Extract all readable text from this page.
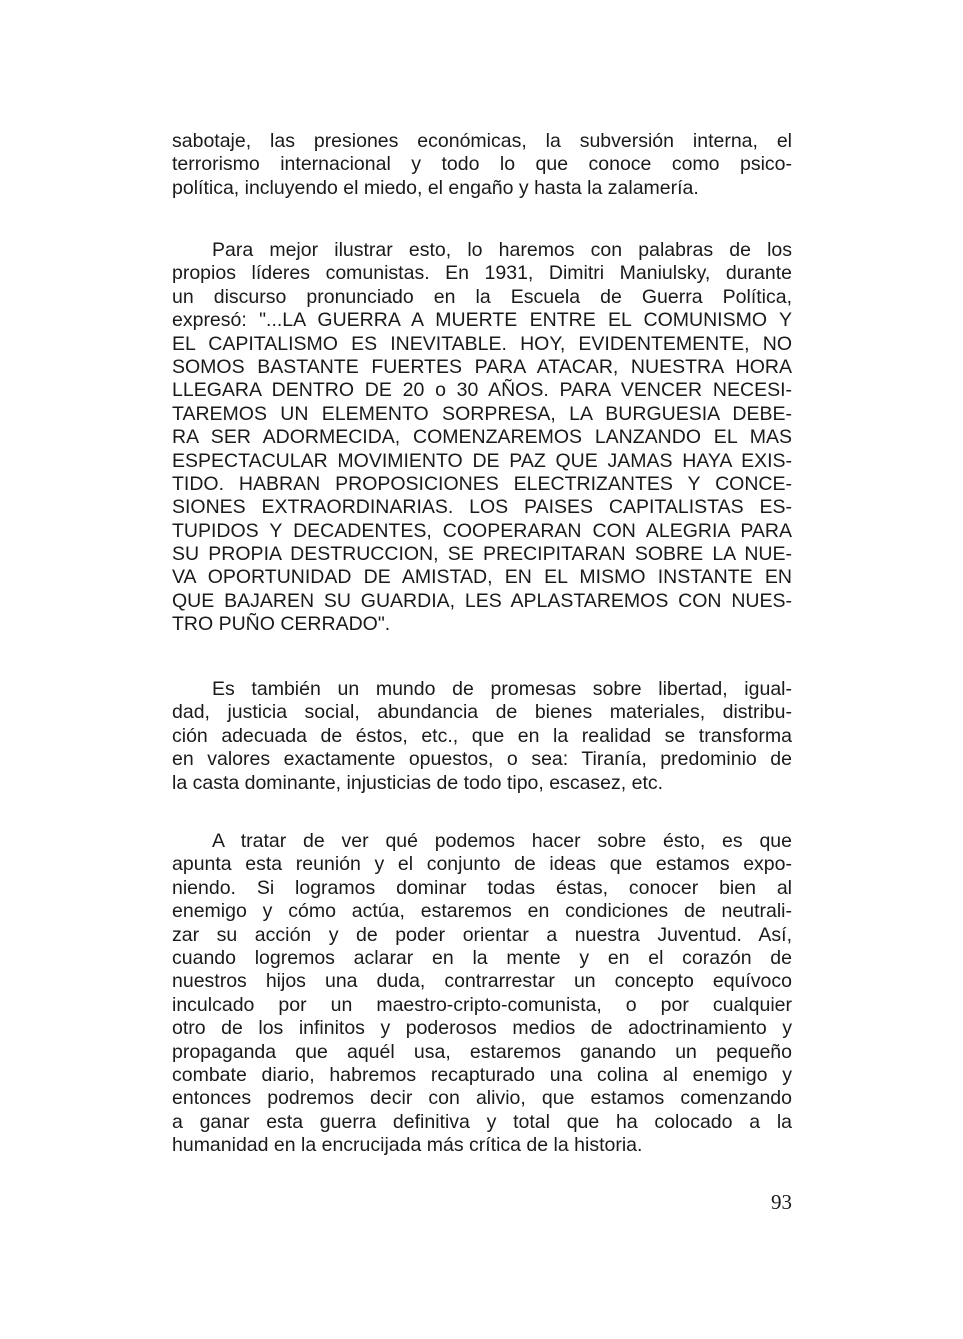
sabotaje, las presiones económicas, la subversión interna, el
terrorismo internacional y todo lo que conoce como psico-
política, incluyendo el miedo, el engaño y hasta la zalamería.
Para mejor ilustrar esto, lo haremos con palabras de los
propios líderes comunistas. En 1931, Dimitri Maniulsky, durante
un discurso pronunciado en la Escuela de Guerra Política,
expresó: "...LA GUERRA A MUERTE ENTRE EL COMUNISMO Y
EL CAPITALISMO ES INEVITABLE. HOY, EVIDENTEMENTE, NO
SOMOS BASTANTE FUERTES PARA ATACAR, NUESTRA HORA
LLEGARA DENTRO DE 20 o 30 AÑOS. PARA VENCER NECESI-
TAREMOS UN ELEMENTO SORPRESA, LA BURGUESIA DEBE-
RA SER ADORMECIDA, COMENZAREMOS LANZANDO EL MAS
ESPECTACULAR MOVIMIENTO DE PAZ QUE JAMAS HAYA EXIS-
TIDO. HABRAN PROPOSICIONES ELECTRIZANTES Y CONCE-
SIONES EXTRAORDINARIAS. LOS PAISES CAPITALISTAS ES-
TUPIDOS Y DECADENTES, COOPERARAN CON ALEGRIA PARA
SU PROPIA DESTRUCCION, SE PRECIPITARAN SOBRE LA NUE-
VA OPORTUNIDAD DE AMISTAD, EN EL MISMO INSTANTE EN
QUE BAJAREN SU GUARDIA, LES APLASTAREMOS CON NUES-
TRO PUÑO CERRADO".
Es también un mundo de promesas sobre libertad, igual-
dad, justicia social, abundancia de bienes materiales, distribu-
ción adecuada de éstos, etc., que en la realidad se transforma
en valores exactamente opuestos, o sea: Tiranía, predominio de
la casta dominante, injusticias de todo tipo, escasez, etc.
A tratar de ver qué podemos hacer sobre ésto, es que
apunta esta reunión y el conjunto de ideas que estamos expo-
niendo. Si logramos dominar todas éstas, conocer bien al
enemigo y cómo actúa, estaremos en condiciones de neutrali-
zar su acción y de poder orientar a nuestra Juventud. Así,
cuando logremos aclarar en la mente y en el corazón de
nuestros hijos una duda, contrarrestar un concepto equívoco
inculcado por un maestro-cripto-comunista, o por cualquier
otro de los infinitos y poderosos medios de adoctrinamiento y
propaganda que aquél usa, estaremos ganando un pequeño
combate diario, habremos recapturado una colina al enemigo y
entonces podremos decir con alivio, que estamos comenzando
a ganar esta guerra definitiva y total que ha colocado a la
humanidad en la encrucijada más crítica de la historia.
93
